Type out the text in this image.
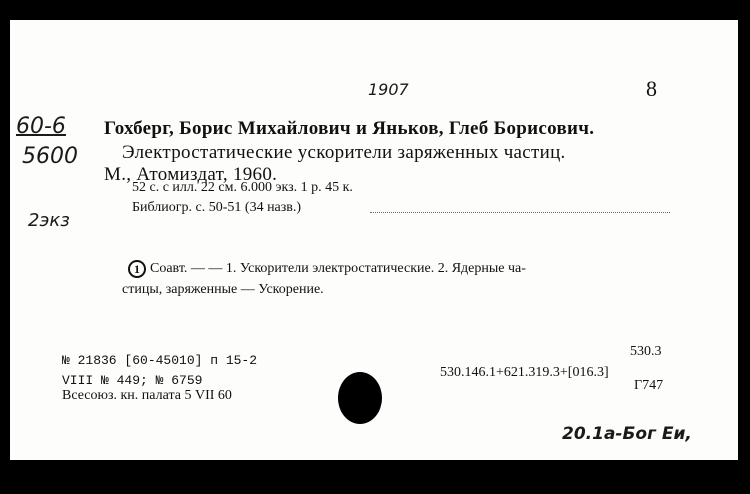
1907	8
60-6
5600
2экз
Гохберг, Борис Михайлович и Яньков, Глеб Борисович.
Электростатические ускорители заряженных частиц.
М., Атомиздат, 1960.
52 с. с илл. 22 см. 6.000 экз. 1 р. 45 к.
Библиогр. с. 50-51 (34 назв.)
1 Соавт. — — 1. Ускорители электростатические. 2. Ядерные ча-
стицы, заряженные — Ускорение.
№ 21836 [60-45010] п 15-2
VIII № 449; № 6759
Всесоюз. кн. палата 5 VII 60
530.3
530.146.1+621.319.3+[016.3]
Г747
20.1а-Бог Еи,
